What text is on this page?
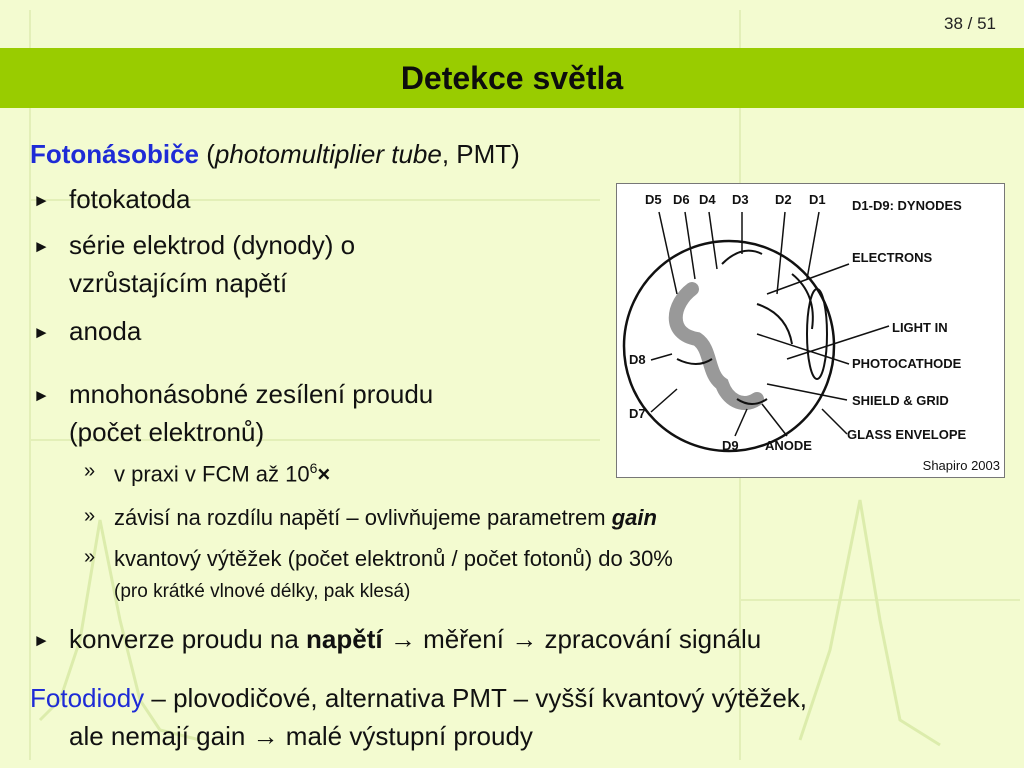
38 / 51
Detekce světla
Fotonásobiče (photomultiplier tube, PMT)
► fotokatoda
► série elektrod (dynody) o
vzrůstajícím napětí
► anoda
► mnohonásobné zesílení proudu
(počet elektronů)
» v praxi v FCM až $10^6\times$
» závisí na rozdílu napětí – ovlivňujeme parametrem gain
» kvantový výtěžek (počet elektronů / počet fotonů) do 30%
(pro krátké vlnové délky, pak klesá)
► konverze proudu na napětí → měření → zpracování signálu
Fotodiody – plovodičové, alternativa PMT – vyšší kvantový výtěžek,
ale nemají gain → malé výstupní proudy
D5 D6 D4 D3 D2 D1 D1-D9: DYNODES
ELECTRONS
LIGHT IN
PHOTOCATHODE
SHIELD & GRID
GLASS ENVELOPE
D8
D7
D9 ANODE
Shapiro 2003
